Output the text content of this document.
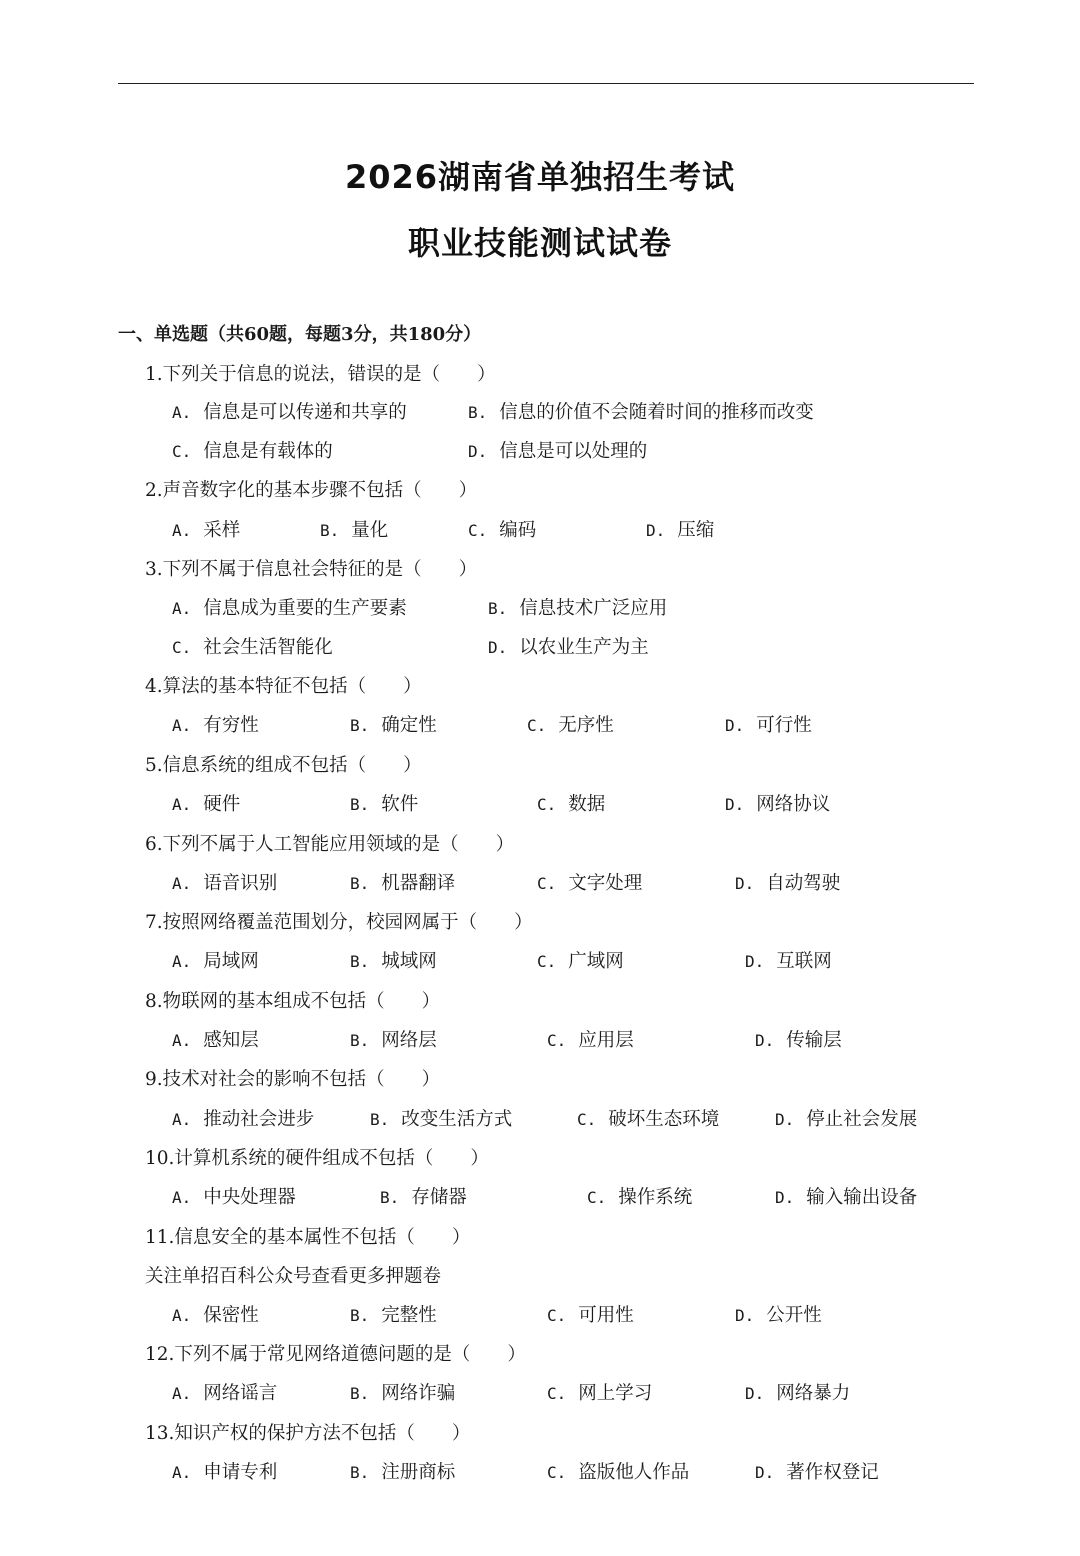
2026湖南省单独招生考试
职业技能测试试卷
一、单选题（共60题，每题3分，共180分）
1.下列关于信息的说法，错误的是（　　）
A. 信息是可以传递和共享的	B. 信息的价值不会随着时间的推移而改变
C. 信息是有载体的	D. 信息是可以处理的
2.声音数字化的基本步骤不包括（　　）
A. 采样	B. 量化	C. 编码	D. 压缩
3.下列不属于信息社会特征的是（　　）
A. 信息成为重要的生产要素	B. 信息技术广泛应用
C. 社会生活智能化	D. 以农业生产为主
4.算法的基本特征不包括（　　）
A. 有穷性	B. 确定性	C. 无序性	D. 可行性
5.信息系统的组成不包括（　　）
A. 硬件	B. 软件	C. 数据	D. 网络协议
6.下列不属于人工智能应用领域的是（　　）
A. 语音识别	B. 机器翻译	C. 文字处理	D. 自动驾驶
7.按照网络覆盖范围划分，校园网属于（　　）
A. 局域网	B. 城域网	C. 广域网	D. 互联网
8.物联网的基本组成不包括（　　）
A. 感知层	B. 网络层	C. 应用层	D. 传输层
9.技术对社会的影响不包括（　　）
A. 推动社会进步	B. 改变生活方式	C. 破坏生态环境	D. 停止社会发展
10.计算机系统的硬件组成不包括（　　）
A. 中央处理器	B. 存储器	C. 操作系统	D. 输入输出设备
11.信息安全的基本属性不包括（　　）
关注单招百科公众号查看更多押题卷
A. 保密性	B. 完整性	C. 可用性	D. 公开性
12.下列不属于常见网络道德问题的是（　　）
A. 网络谣言	B. 网络诈骗	C. 网上学习	D. 网络暴力
13.知识产权的保护方法不包括（　　）
A. 申请专利	B. 注册商标	C. 盗版他人作品	D. 著作权登记
